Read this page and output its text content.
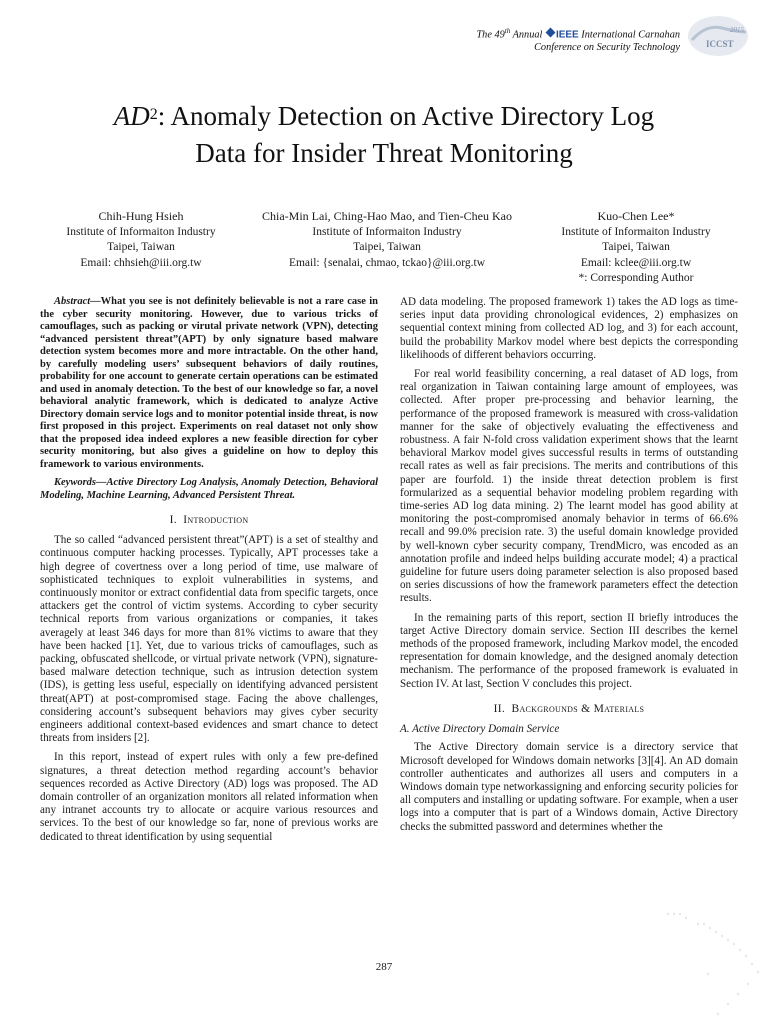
The 49th Annual IEEE International Carnahan
Conference on Security Technology
2015
ICCST
$AD^2$: Anomaly Detection on Active Directory Log
Data for Insider Threat Monitoring
Chih-Hung Hsieh
Institute of Informaiton Industry
Taipei, Taiwan
Email: chhsieh@iii.org.tw
Chia-Min Lai, Ching-Hao Mao, and Tien-Cheu Kao
Institute of Informaiton Industry
Taipei, Taiwan
Email: {senalai, chmao, tckao}@iii.org.tw
Kuo-Chen Lee*
Institute of Informaiton Industry
Taipei, Taiwan
Email: kclee@iii.org.tw
*: Corresponding Author

Abstract—What you see is not definitely believable is not a rare case in the cyber security monitoring. However, due to various tricks of camouflages, such as packing or virutal private network (VPN), detecting “advanced persistent threat”(APT) by only signature based malware detection system becomes more and more intractable. On the other hand, by carefully modeling users’ subsequent behaviors of daily routines, probability for one account to generate certain operations can be estimated and used in anomaly detection. To the best of our knowledge so far, a novel behavioral analytic framework, which is dedicated to analyze Active Directory domain service logs and to monitor potential inside threat, is now first proposed in this project. Experiments on real dataset not only show that the proposed idea indeed explores a new feasible direction for cyber security monitoring, but also gives a guideline on how to deploy this framework to various environments.

Keywords—Active Directory Log Analysis, Anomaly Detection, Behavioral Modeling, Machine Learning, Advanced Persistent Threat.

I. Introduction

The so called “advanced persistent threat”(APT) is a set of stealthy and continuous computer hacking processes. Typically, APT processes take a high degree of covertness over a long period of time, use malware of sophisticated techniques to exploit vulnerabilities in systems, and continuously monitor or extract confidential data from specific targets, once attackers get the control of victim systems. According to cyber security technical reports from various organizations or companies, it takes averagely at least 346 days for more than 81% victims to aware that they have been hacked [1]. Yet, due to various tricks of camouflages, such as packing, obfuscated shellcode, or virtual private network (VPN), signature-based malware detection technique, such as intrusion detection system (IDS), is getting less useful, especially on identifying advanced persistent threat(APT) at post-compromised stage. Facing the above challenges, considering account’s subsequent behaviors may gives cyber security engineers additional context-based evidences and smart chance to detect threats from insiders [2].

In this report, instead of expert rules with only a few pre-defined signatures, a threat detection method regarding account’s behavior sequences recorded as Active Directory (AD) logs was proposed. The AD domain controller of an organization monitors all related information when any intranet accounts try to allocate or acquire various resources and services. To the best of our knowledge so far, none of previous works are dedicated to threat identification by using sequential

AD data modeling. The proposed framework 1) takes the AD logs as time-series input data providing chronological evidences, 2) emphasizes on sequential context mining from collected AD log, and 3) for each account, build the probability Markov model where best depicts the corresponding likelihoods of different behaviors occurring.

For real world feasibility concerning, a real dataset of AD logs, from real organization in Taiwan containing large amount of employees, was collected. After proper pre-processing and behavior learning, the performance of the proposed framework is measured with cross-validation manner for the sake of objectively evaluating the effectiveness and robustness. A fair N-fold cross validation experiment shows that the learnt behavioral Markov model gives successful results in terms of outstanding recall rates as well as fair precisions. The merits and contributions of this paper are fourfold. 1) the inside threat detection problem is first formularized as a sequential behavior modeling problem regarding with time-series AD log data mining. 2) The learnt model has good ability at monitoring the post-compromised anomaly behavior in terms of 66.6% recall and 99.0% precision rate. 3) the useful domain knowledge provided by well-known cyber security company, TrendMicro, was encoded as an annotation profile and indeed helps building accurate model; 4) a practical guideline for future users doing parameter selection is also proposed based on series discussions of how the framework parameters effect the detection results.

In the remaining parts of this report, section II briefly introduces the target Active Directory domain service. Section III describes the kernel methods of the proposed framework, including Markov model, the encoded representation for domain knowledge, and the designed anomaly detection mechanism. The performance of the proposed framework is evaluated in Section IV. At last, Section V concludes this project.

II. Backgrounds & Materials

A. Active Directory Domain Service

The Active Directory domain service is a directory service that Microsoft developed for Windows domain networks [3][4]. An AD domain controller authenticates and authorizes all users and computers in a Windows domain type networkassigning and enforcing security policies for all computers and installing or updating software. For example, when a user logs into a computer that is part of a Windows domain, Active Directory checks the submitted password and determines whether the

287
